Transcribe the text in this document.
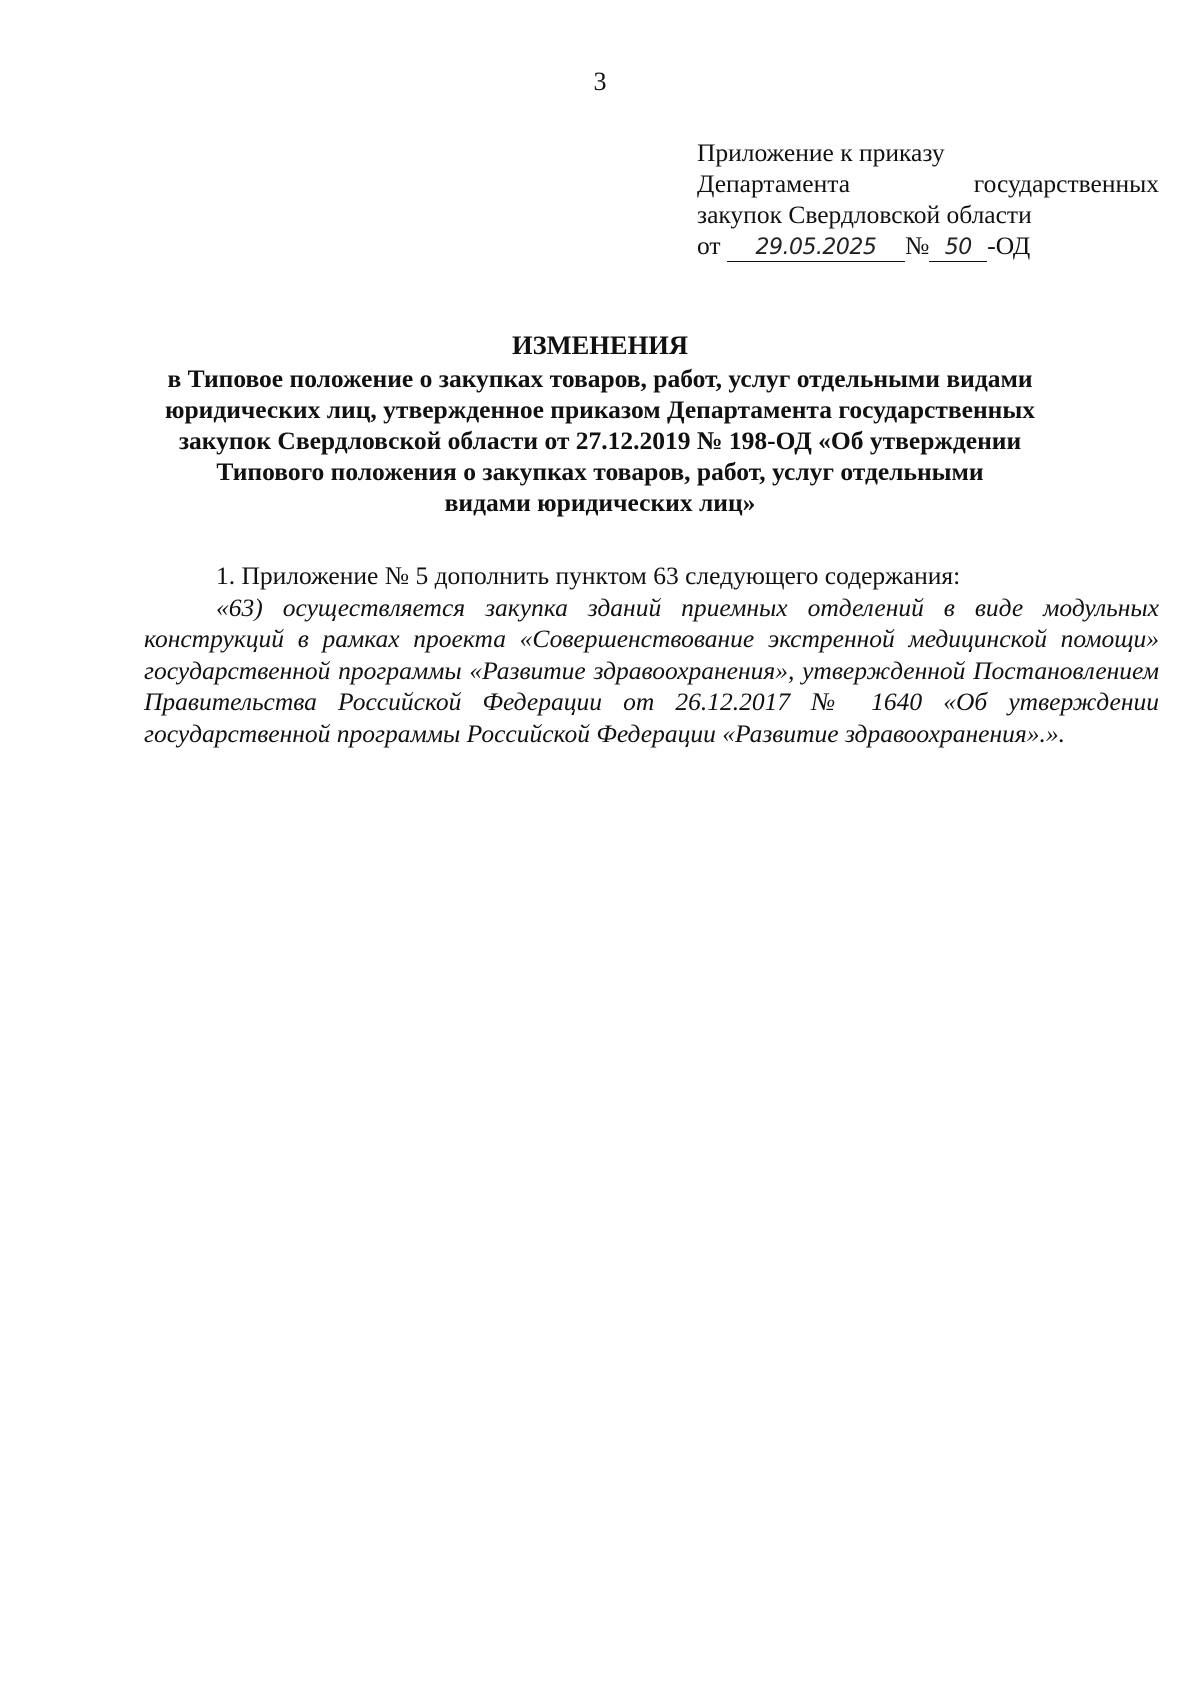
3
Приложение к приказу
Департамента	государственных
закупок Свердловской области
от 29.05.2025 № 50 -ОД
ИЗМЕНЕНИЯ
в Типовое положение о закупках товаров, работ, услуг отдельными видами
юридических лиц, утвержденное приказом Департамента государственных
закупок Свердловской области от 27.12.2019 № 198-ОД «Об утверждении
Типового положения о закупках товаров, работ, услуг отдельными
видами юридических лиц»

1. Приложение № 5 дополнить пунктом 63 следующего содержания:

«63) осуществляется закупка зданий приемных отделений в виде модульных конструкций в рамках проекта «Совершенствование экстренной медицинской помощи» государственной программы «Развитие здравоохранения», утвержденной Постановлением Правительства Российской Федерации от 26.12.2017 № 1640 «Об утверждении государственной программы Российской Федерации «Развитие здравоохранения».».
